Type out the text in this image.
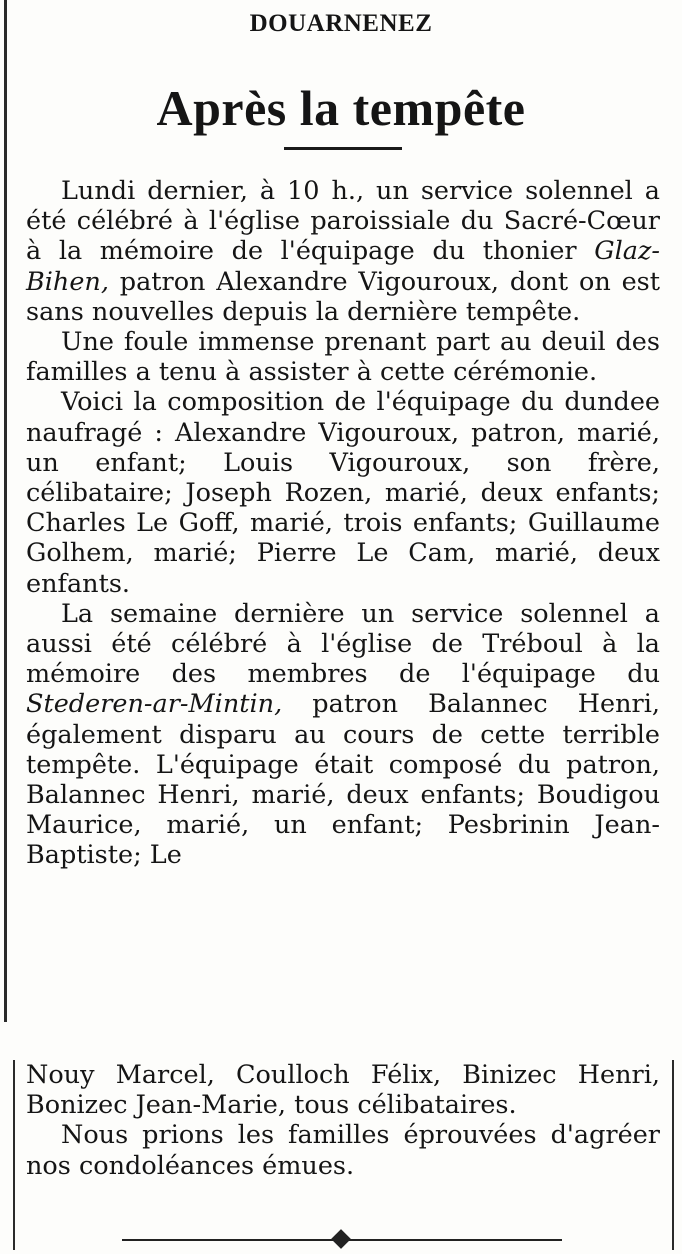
DOUARNENEZ
Après la tempête

Lundi dernier, à 10 h., un service solennel a été célébré à l'église paroissiale du Sacré-Cœur à la mémoire de l'équipage du thonier Glaz-Bihen, patron Alexandre Vigouroux, dont on est sans nouvelles depuis la dernière tempête.

Une foule immense prenant part au deuil des familles a tenu à assister à cette cérémonie.

Voici la composition de l'équipage du dundee naufragé : Alexandre Vigouroux, patron, marié, un enfant; Louis Vigouroux, son frère, célibataire; Joseph Rozen, marié, deux enfants; Charles Le Goff, marié, trois enfants; Guillaume Golhem, marié; Pierre Le Cam, marié, deux enfants.

La semaine dernière un service solennel a aussi été célébré à l'église de Tréboul à la mémoire des membres de l'équipage du Stederen-ar-Mintin, patron Balannec Henri, également disparu au cours de cette terrible tempête. L'équipage était composé du patron, Balannec Henri, marié, deux enfants; Boudigou Maurice, marié, un enfant; Pesbrinin Jean-Baptiste; Le

Nouy Marcel, Coulloch Félix, Binizec Henri, Bonizec Jean-Marie, tous célibataires.

Nous prions les familles éprouvées d'agréer nos condoléances émues.
